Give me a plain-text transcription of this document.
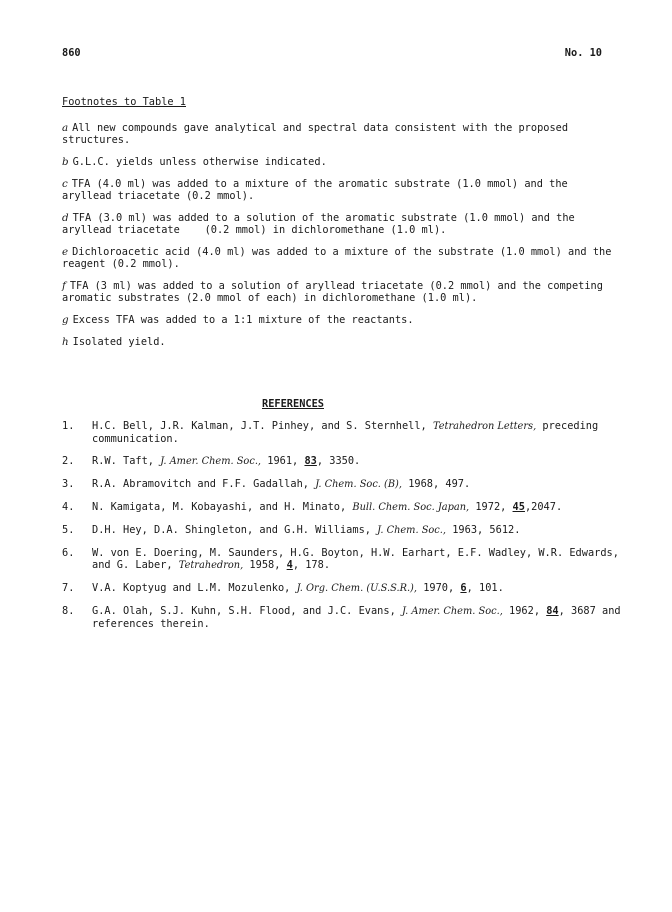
860	No. 10
Footnotes to Table 1

a All new compounds gave analytical and spectral data consistent with the proposed structures.

b G.L.C. yields unless otherwise indicated.

c TFA (4.0 ml) was added to a mixture of the aromatic substrate (1.0 mmol) and the aryllead triacetate (0.2 mmol).

d TFA (3.0 ml) was added to a solution of the aromatic substrate (1.0 mmol) and the aryllead triacetate    (0.2 mmol) in dichloromethane (1.0 ml).

e Dichloroacetic acid (4.0 ml) was added to a mixture of the substrate (1.0 mmol) and the reagent (0.2 mmol).

f TFA (3 ml) was added to a solution of aryllead triacetate (0.2 mmol) and the competing aromatic substrates (2.0 mmol of each) in dichloromethane (1.0 ml).

g Excess TFA was added to a 1:1 mixture of the reactants.

h Isolated yield.

REFERENCES
1.	H.C. Bell, J.R. Kalman, J.T. Pinhey, and S. Sternhell, Tetrahedron Letters, preceding communication.
2.	R.W. Taft, J. Amer. Chem. Soc., 1961, 83, 3350.
3.	R.A. Abramovitch and F.F. Gadallah, J. Chem. Soc. (B), 1968, 497.
4.	N. Kamigata, M. Kobayashi, and H. Minato, Bull. Chem. Soc. Japan, 1972, 45,2047.
5.	D.H. Hey, D.A. Shingleton, and G.H. Williams, J. Chem. Soc., 1963, 5612.
6.	W. von E. Doering, M. Saunders, H.G. Boyton, H.W. Earhart, E.F. Wadley, W.R. Edwards, and G. Laber, Tetrahedron, 1958, 4, 178.
7.	V.A. Koptyug and L.M. Mozulenko, J. Org. Chem. (U.S.S.R.), 1970, 6, 101.
8.	G.A. Olah, S.J. Kuhn, S.H. Flood, and J.C. Evans, J. Amer. Chem. Soc., 1962, 84, 3687 and references therein.
